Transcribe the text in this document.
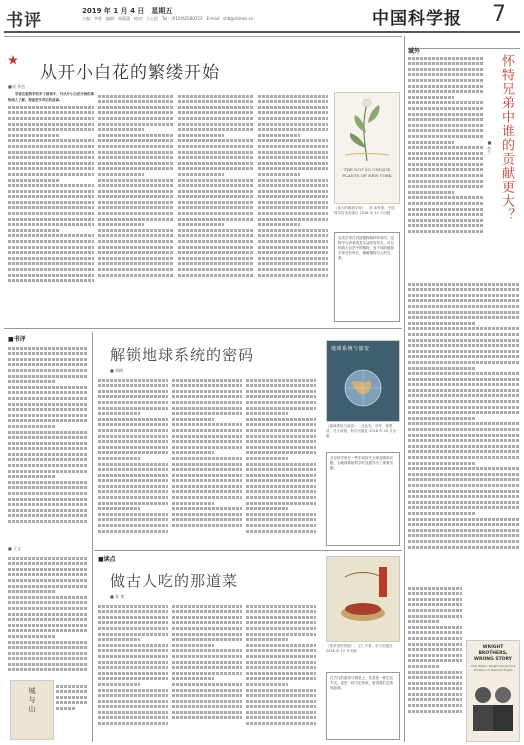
书评	2019 年 1 月 4 日　星期五
主编：李香　编辑：胡潇潇　校对：王心怡　Tel：(010)62580723　E-mail：shb@stimes.cn	中国科学报 7
从开小白花的繁缕开始
■刘 华杰

学者在植物学的多个领域中，对从开小白花开始的事物深入了解，探索更多背后的故事。

THE NOT SO UNIQUE PLANTS OF NEW YORK
《伟大的植物学家》，刘 冰等著，中国科学技术出版社 2018 年 12 月出版
各类学者在讲述植物物种作用时，过程中与该系统及生活经验有关。可以细看大自然中的植物，有不同的植物学家各有所长，理解植物与人的关系。
■书评
■ 王文
城与山
解锁地球系统的密码
■ 胡梅
地球系统与演变
《地球系统与演变》，汪品先、田军、黄恩清、马文涛著，科学出版社 2018 年 10 月出版
各位科学家在一些年间探究全球变暖的问题，为地球系统科学的发展作出了重要贡献。
■读点
做古人吃的那道菜
■ 张 斐
《菜单里的传统》，王仁兴著，东方出版社 2018 年 10 月出版
在古代的厨房与餐桌上，饮食是一种生活方式，也是一种文化传承，值得我们去细细品味。
域外
怀特兄弟中谁的贡献更大？
■ 李兰
WRIGHT BROTHERS, WRONG STORY
How Wilbur Wright Solved the Problem of Manned Flight
